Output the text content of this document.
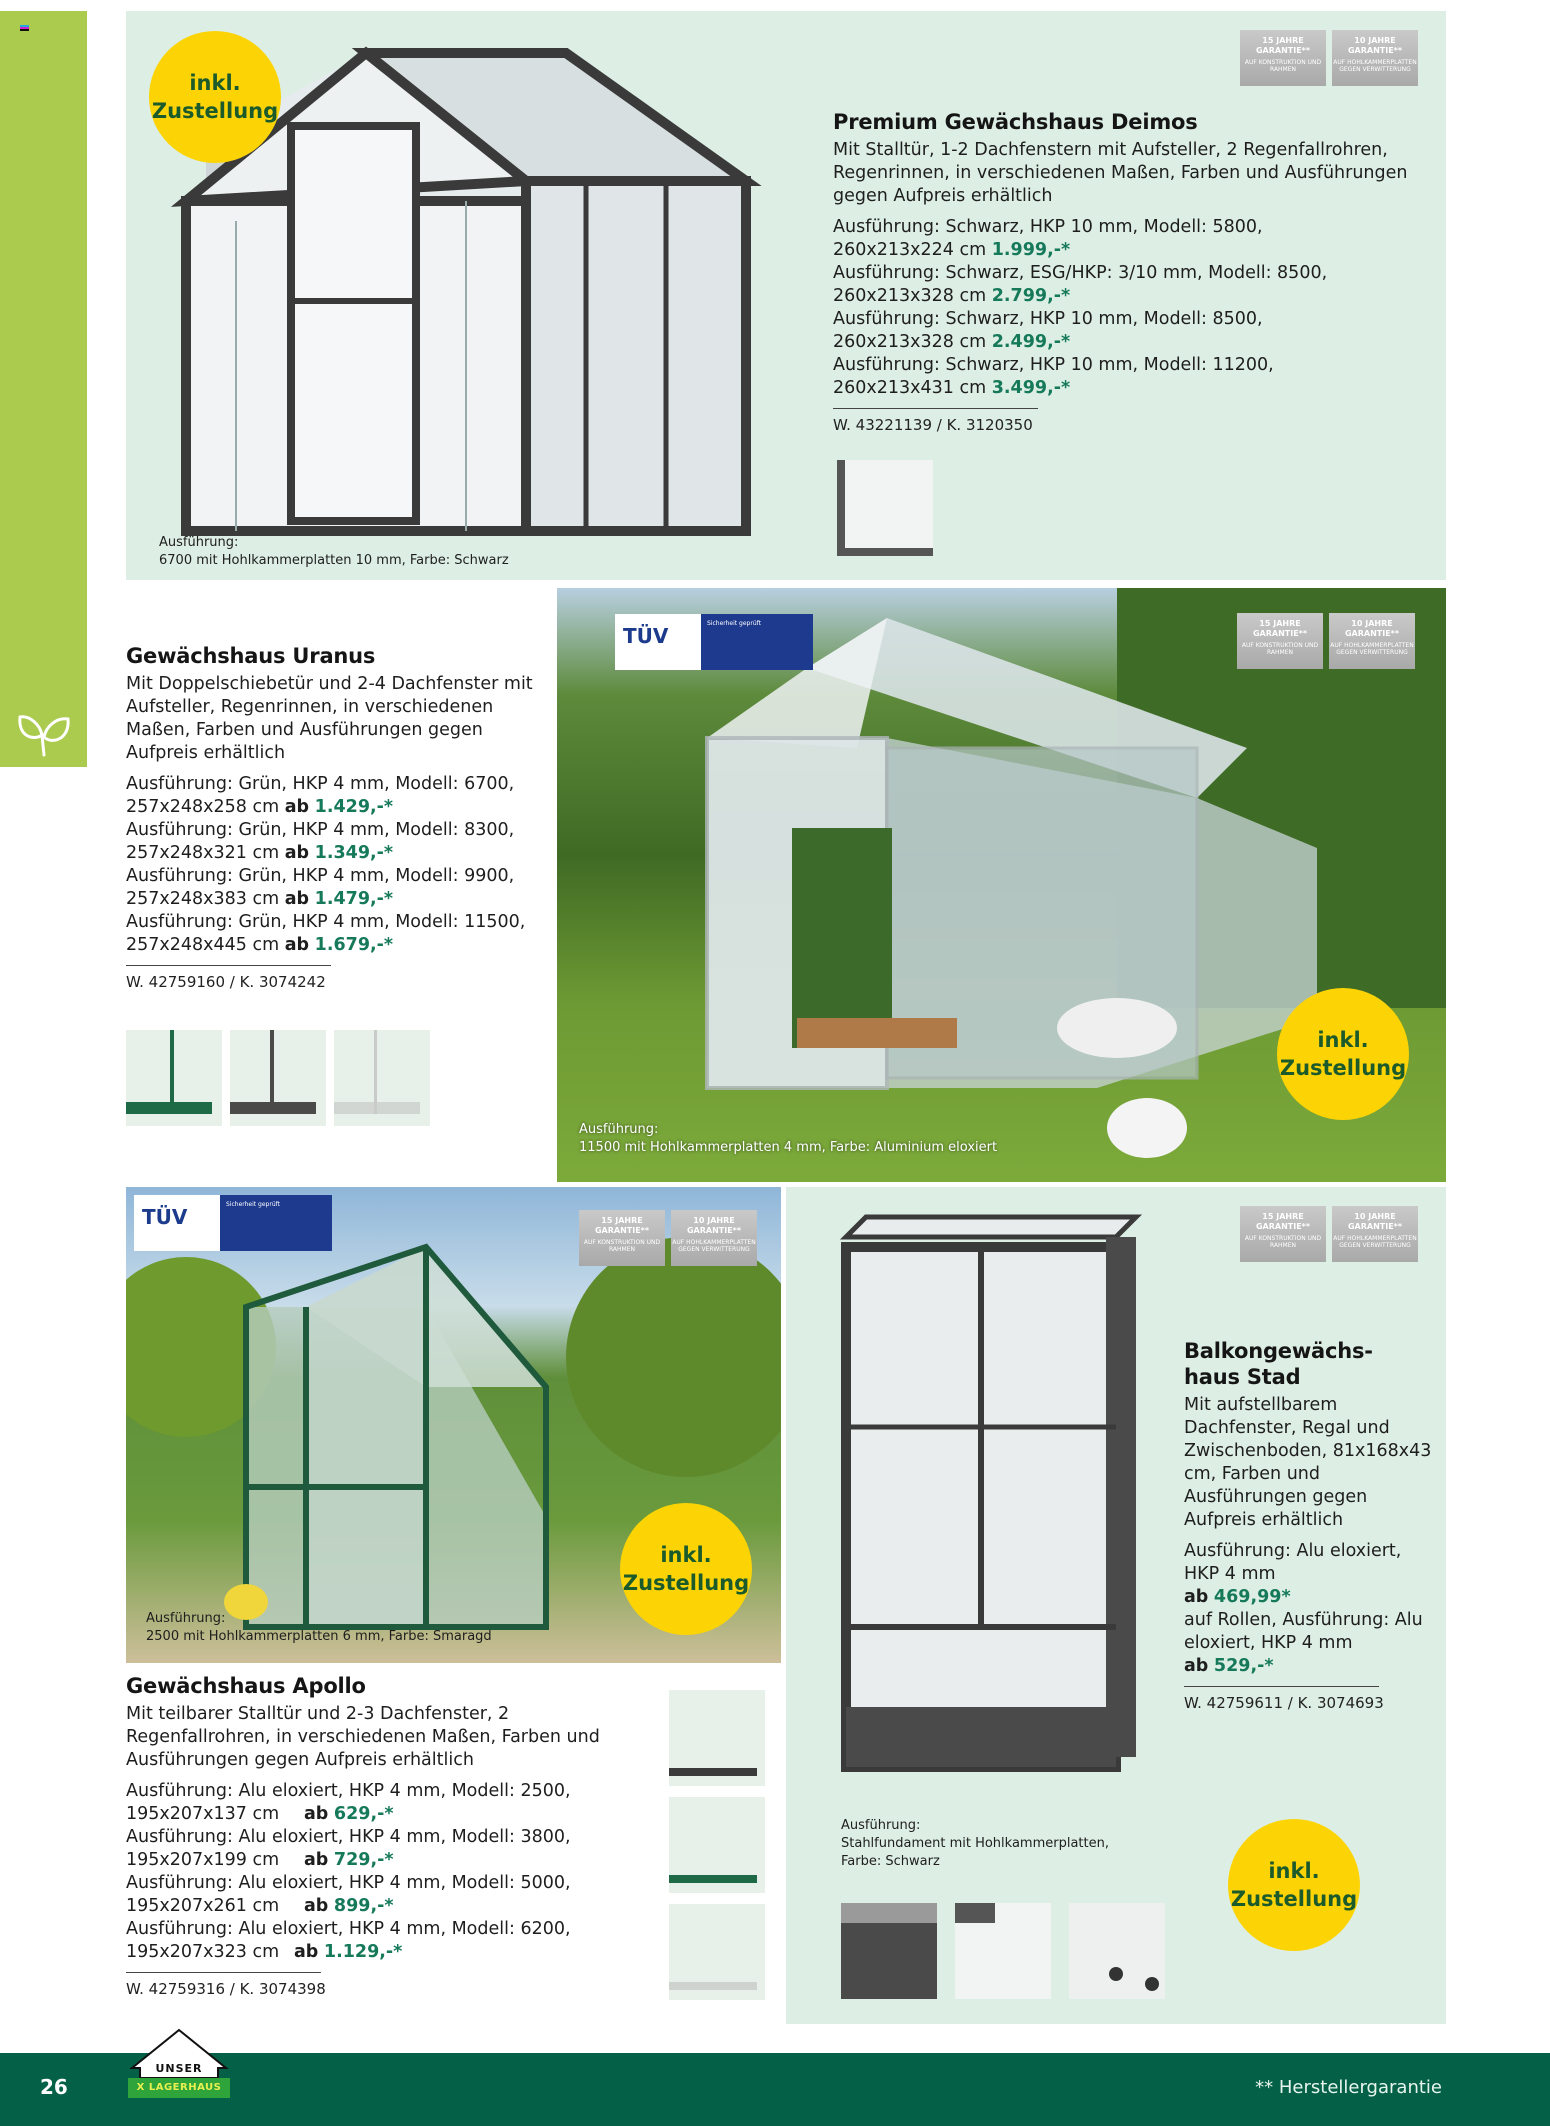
inkl.
Zustellung
15 JAHRE GARANTIE**
AUF KONSTRUKTION UND RAHMEN
10 JAHRE GARANTIE**
AUF HOHLKAMMERPLATTEN GEGEN VERWITTERUNG
Premium Gewächshaus Deimos
Mit Stalltür, 1-2 Dachfenstern mit Aufsteller, 2 Regenfallrohren, Regenrinnen, in verschiedenen Maßen, Farben und Ausführungen gegen Aufpreis erhältlich
Ausführung: Schwarz, HKP 10 mm, Modell: 5800,
260x213x224 cm 1.999,-*
Ausführung: Schwarz, ESG/HKP: 3/10 mm, Modell: 8500,
260x213x328 cm 2.799,-*
Ausführung: Schwarz, HKP 10 mm, Modell: 8500,
260x213x328 cm 2.499,-*
Ausführung: Schwarz, HKP 10 mm, Modell: 11200,
260x213x431 cm 3.499,-*
W. 43221139 / K. 3120350
Ausführung:
6700 mit Hohlkammerplatten 10 mm, Farbe: Schwarz
Gewächshaus Uranus
Mit Doppelschiebetür und 2-4 Dachfenster mit Aufsteller, Regenrinnen, in verschiedenen Maßen, Farben und Ausführungen gegen Aufpreis erhältlich
Ausführung: Grün, HKP 4 mm, Modell: 6700,
257x248x258 cm ab 1.429,-*
Ausführung: Grün, HKP 4 mm, Modell: 8300,
257x248x321 cm ab 1.349,-*
Ausführung: Grün, HKP 4 mm, Modell: 9900,
257x248x383 cm ab 1.479,-*
Ausführung: Grün, HKP 4 mm, Modell: 11500,
257x248x445 cm ab 1.679,-*
W. 42759160 / K. 3074242
15 JAHRE GARANTIE**
AUF KONSTRUKTION UND RAHMEN
10 JAHRE GARANTIE**
AUF HOHLKAMMERPLATTEN GEGEN VERWITTERUNG
TÜV
Sicherheit geprüft
inkl.
Zustellung
Ausführung:
11500 mit Hohlkammerplatten 4 mm, Farbe: Aluminium eloxiert
TÜV
Sicherheit geprüft
15 JAHRE GARANTIE**
AUF KONSTRUKTION UND RAHMEN
10 JAHRE GARANTIE**
AUF HOHLKAMMERPLATTEN GEGEN VERWITTERUNG
inkl.
Zustellung
Ausführung:
2500 mit Hohlkammerplatten 6 mm, Farbe: Smaragd
Gewächshaus Apollo
Mit teilbarer Stalltür und 2-3 Dachfenster, 2 Regenfallrohren, in verschiedenen Maßen, Farben und Ausführungen gegen Aufpreis erhältlich
Ausführung: Alu eloxiert, HKP 4 mm, Modell: 2500,
195x207x137 cm ab 629,-*
Ausführung: Alu eloxiert, HKP 4 mm, Modell: 3800,
195x207x199 cm ab 729,-*
Ausführung: Alu eloxiert, HKP 4 mm, Modell: 5000,
195x207x261 cm ab 899,-*
Ausführung: Alu eloxiert, HKP 4 mm, Modell: 6200,
195x207x323 cm ab 1.129,-*
W. 42759316 / K. 3074398
15 JAHRE GARANTIE**
AUF KONSTRUKTION UND RAHMEN
10 JAHRE GARANTIE**
AUF HOHLKAMMERPLATTEN GEGEN VERWITTERUNG
Balkongewächs-
haus Stad
Mit aufstellbarem Dachfenster, Regal und Zwischenboden, 81x168x43 cm, Farben und Ausführungen gegen Aufpreis erhältlich
Ausführung: Alu eloxiert, HKP 4 mm
ab 469,99*
auf Rollen, Ausführung: Alu eloxiert, HKP 4 mm
ab 529,-*
W. 42759611 / K. 3074693
Ausführung:
Stahlfundament mit Hohlkammerplatten,
Farbe: Schwarz	inkl.
Zustellung
26
UNSER
X LAGERHAUS	** Herstellergarantie
